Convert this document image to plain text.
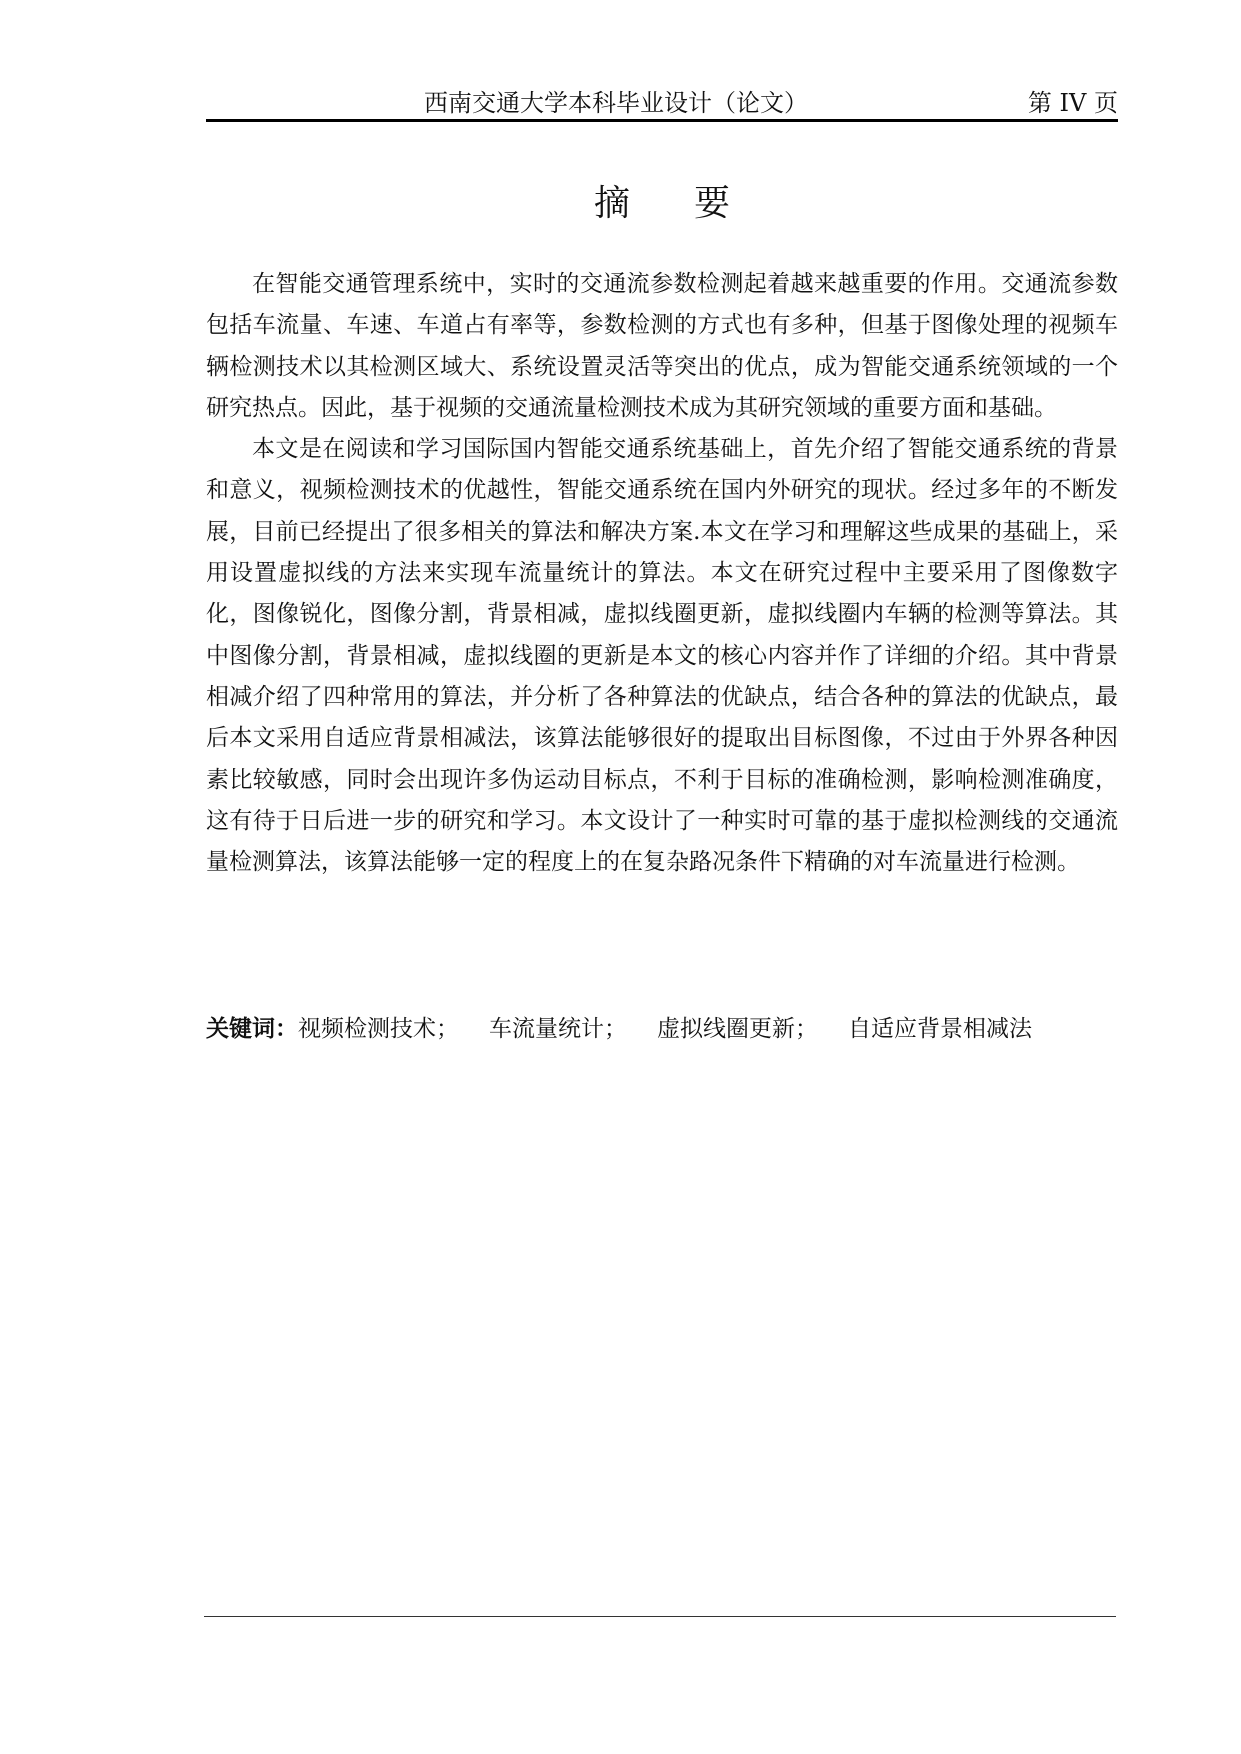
西南交通大学本科毕业设计（论文）	第 IV 页
摘要

在智能交通管理系统中，实时的交通流参数检测起着越来越重要的作用。交通流参数包括车流量、车速、车道占有率等，参数检测的方式也有多种，但基于图像处理的视频车辆检测技术以其检测区域大、系统设置灵活等突出的优点，成为智能交通系统领域的一个研究热点。因此，基于视频的交通流量检测技术成为其研究领域的重要方面和基础。

本文是在阅读和学习国际国内智能交通系统基础上，首先介绍了智能交通系统的背景和意义，视频检测技术的优越性，智能交通系统在国内外研究的现状。经过多年的不断发展，目前已经提出了很多相关的算法和解决方案.本文在学习和理解这些成果的基础上，采用设置虚拟线的方法来实现车流量统计的算法。本文在研究过程中主要采用了图像数字化，图像锐化，图像分割，背景相减，虚拟线圈更新，虚拟线圈内车辆的检测等算法。其中图像分割，背景相减，虚拟线圈的更新是本文的核心内容并作了详细的介绍。其中背景相减介绍了四种常用的算法，并分析了各种算法的优缺点，结合各种的算法的优缺点，最后本文采用自适应背景相减法，该算法能够很好的提取出目标图像，不过由于外界各种因素比较敏感，同时会出现许多伪运动目标点，不利于目标的准确检测，影响检测准确度，这有待于日后进一步的研究和学习。本文设计了一种实时可靠的基于虚拟检测线的交通流量检测算法，该算法能够一定的程度上的在复杂路况条件下精确的对车流量进行检测。

关键词：视频检测技术； 车流量统计； 虚拟线圈更新； 自适应背景相减法
